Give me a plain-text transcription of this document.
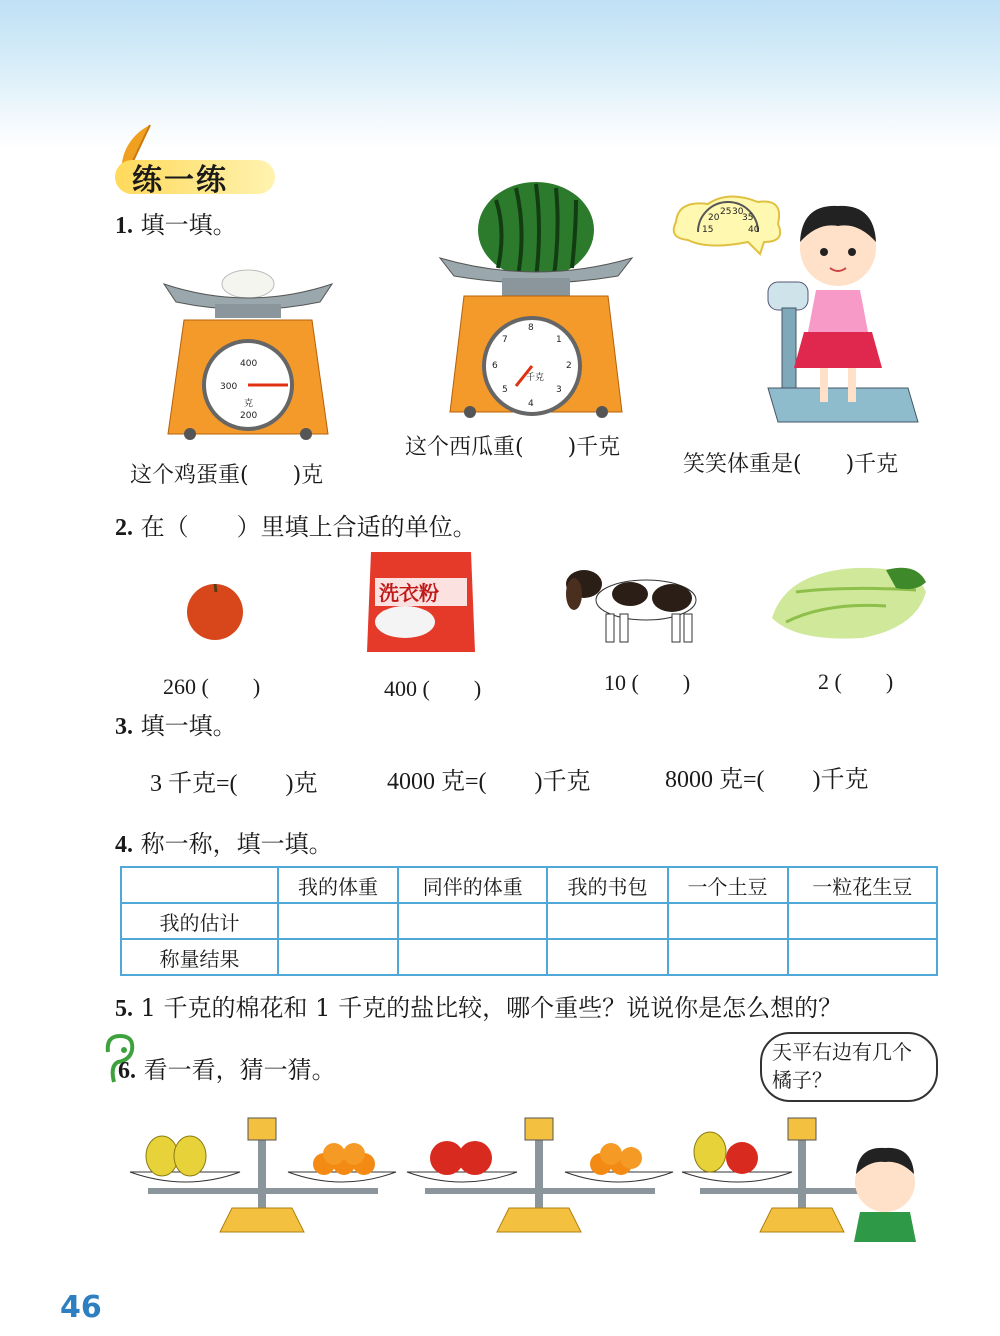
练一练
1. 填一填。
400
300
克
200
这个鸡蛋重(　　)克
8
7
6
5
千克
4
3
2
1
这个西瓜重(　　)千克
15
20
25 30
35
40
笑笑体重是(　　)千克
2. 在（　　）里填上合适的单位。
260 (　　)
洗衣粉
400 (　　)	10 (　　)	2 (　　)
3. 填一填。
3 千克=(　　)克	4000 克=(　　)千克	8000 克=(　　)千克
4. 称一称，填一填。
	我的体重	同伴的体重	我的书包	一个土豆	一粒花生豆
我的估计					
称量结果					
5. 1 千克的棉花和 1 千克的盐比较，哪个重些？说说你是怎么想的？
6. 看一看，猜一猜。
天平右边有几个橘子？
46
